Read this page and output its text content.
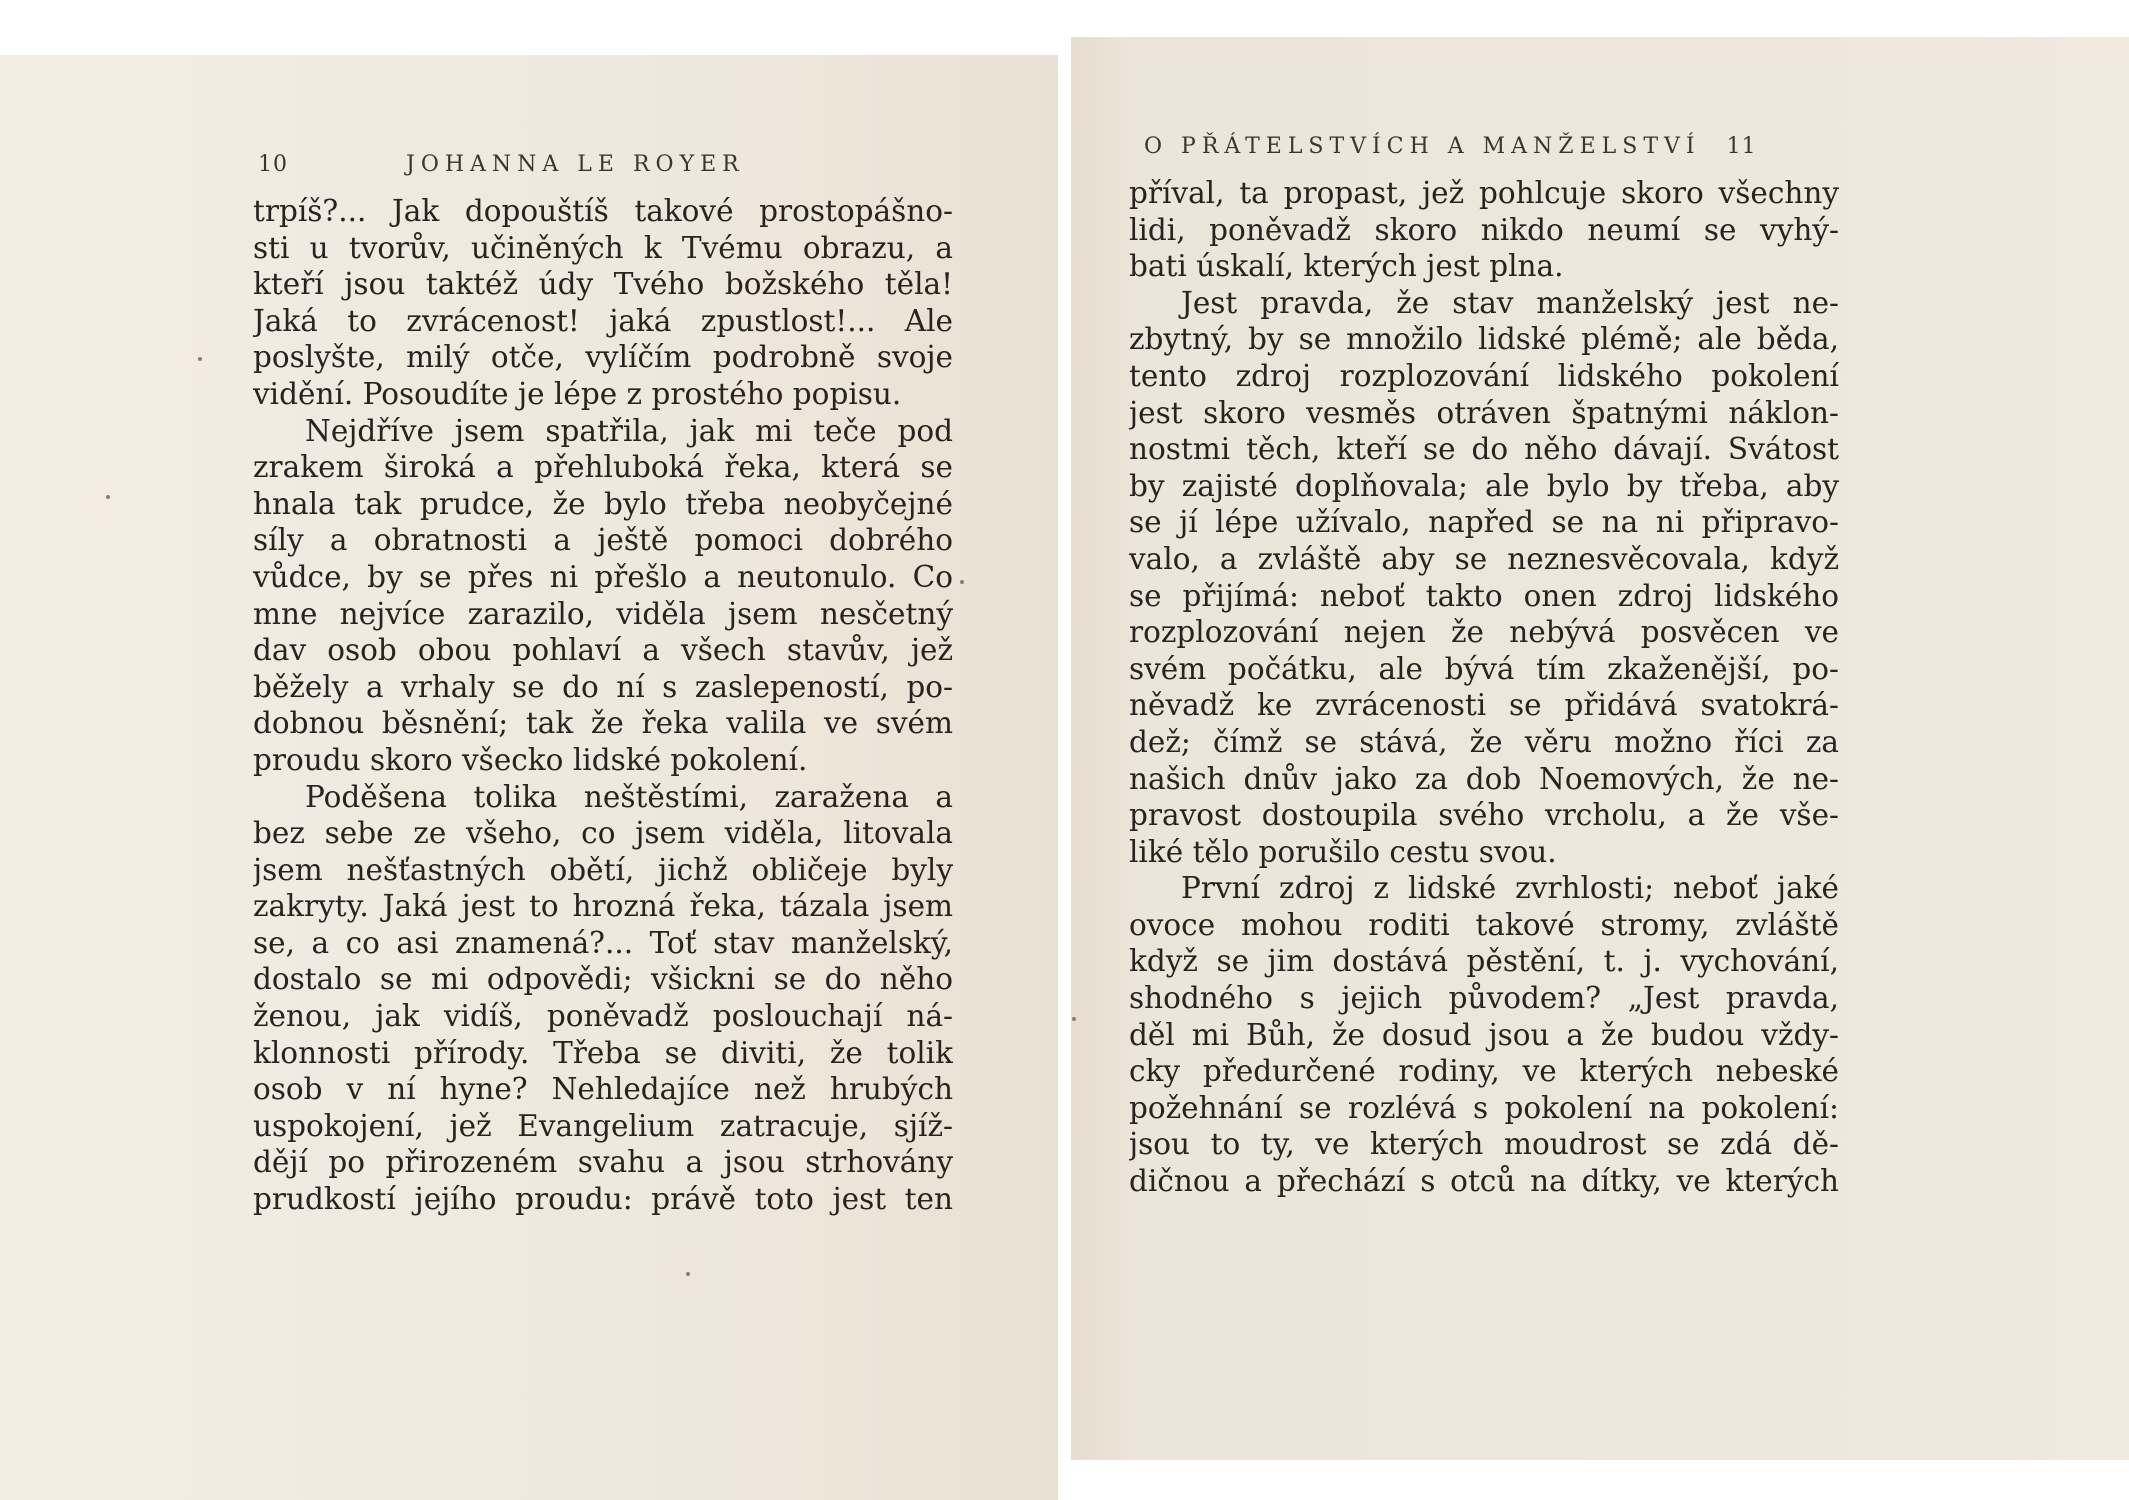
10	JOHANNA LE ROYER
trpíš?... Jak dopouštíš takové prostopášno-
sti u tvorův, učiněných k Tvému obrazu, a
kteří jsou taktéž údy Tvého božského těla!
Jaká to zvrácenost! jaká zpustlost!... Ale
poslyšte, milý otče, vylíčím podrobně svoje
vidění. Posoudíte je lépe z prostého popisu.
Nejdříve jsem spatřila, jak mi teče pod
zrakem široká a přehluboká řeka, která se
hnala tak prudce, že bylo třeba neobyčejné
síly a obratnosti a ještě pomoci dobrého
vůdce, by se přes ni přešlo a neutonulo. Co
mne nejvíce zarazilo, viděla jsem nesčetný
dav osob obou pohlaví a všech stavův, jež
běžely a vrhaly se do ní s zaslepeností, po-
dobnou běsnění; tak že řeka valila ve svém
proudu skoro všecko lidské pokolení.
Poděšena tolika neštěstími, zaražena a
bez sebe ze všeho, co jsem viděla, litovala
jsem nešťastných obětí, jichž obličeje byly
zakryty. Jaká jest to hrozná řeka, tázala jsem
se, a co asi znamená?... Toť stav manželský,
dostalo se mi odpovědi; všickni se do něho
ženou, jak vidíš, poněvadž poslouchají ná-
klonnosti přírody. Třeba se diviti, že tolik
osob v ní hyne? Nehledajíce než hrubých
uspokojení, jež Evangelium zatracuje, sjíž-
dějí po přirozeném svahu a jsou strhovány
prudkostí jejího proudu: právě toto jest ten
O PŘÁTELSTVÍCH A MANŽELSTVÍ 11
příval, ta propast, jež pohlcuje skoro všechny
lidi, poněvadž skoro nikdo neumí se vyhý-
bati úskalí, kterých jest plna.
Jest pravda, že stav manželský jest ne-
zbytný, by se množilo lidské plémě; ale běda,
tento zdroj rozplozování lidského pokolení
jest skoro vesměs otráven špatnými náklon-
nostmi těch, kteří se do něho dávají. Svátost
by zajisté doplňovala; ale bylo by třeba, aby
se jí lépe užívalo, napřed se na ni připravo-
valo, a zvláště aby se neznesvěcovala, když
se přijímá: neboť takto onen zdroj lidského
rozplozování nejen že nebývá posvěcen ve
svém počátku, ale bývá tím zkaženější, po-
něvadž ke zvrácenosti se přidává svatokrá-
dež; čímž se stává, že věru možno říci za
našich dnův jako za dob Noemových, že ne-
pravost dostoupila svého vrcholu, a že vše-
liké tělo porušilo cestu svou.
První zdroj z lidské zvrhlosti; neboť jaké
ovoce mohou roditi takové stromy, zvláště
když se jim dostává pěstění, t. j. vychování,
shodného s jejich původem? „Jest pravda,
děl mi Bůh, že dosud jsou a že budou vždy-
cky předurčené rodiny, ve kterých nebeské
požehnání se rozlévá s pokolení na pokolení:
jsou to ty, ve kterých moudrost se zdá dě-
dičnou a přechází s otců na dítky, ve kterých
